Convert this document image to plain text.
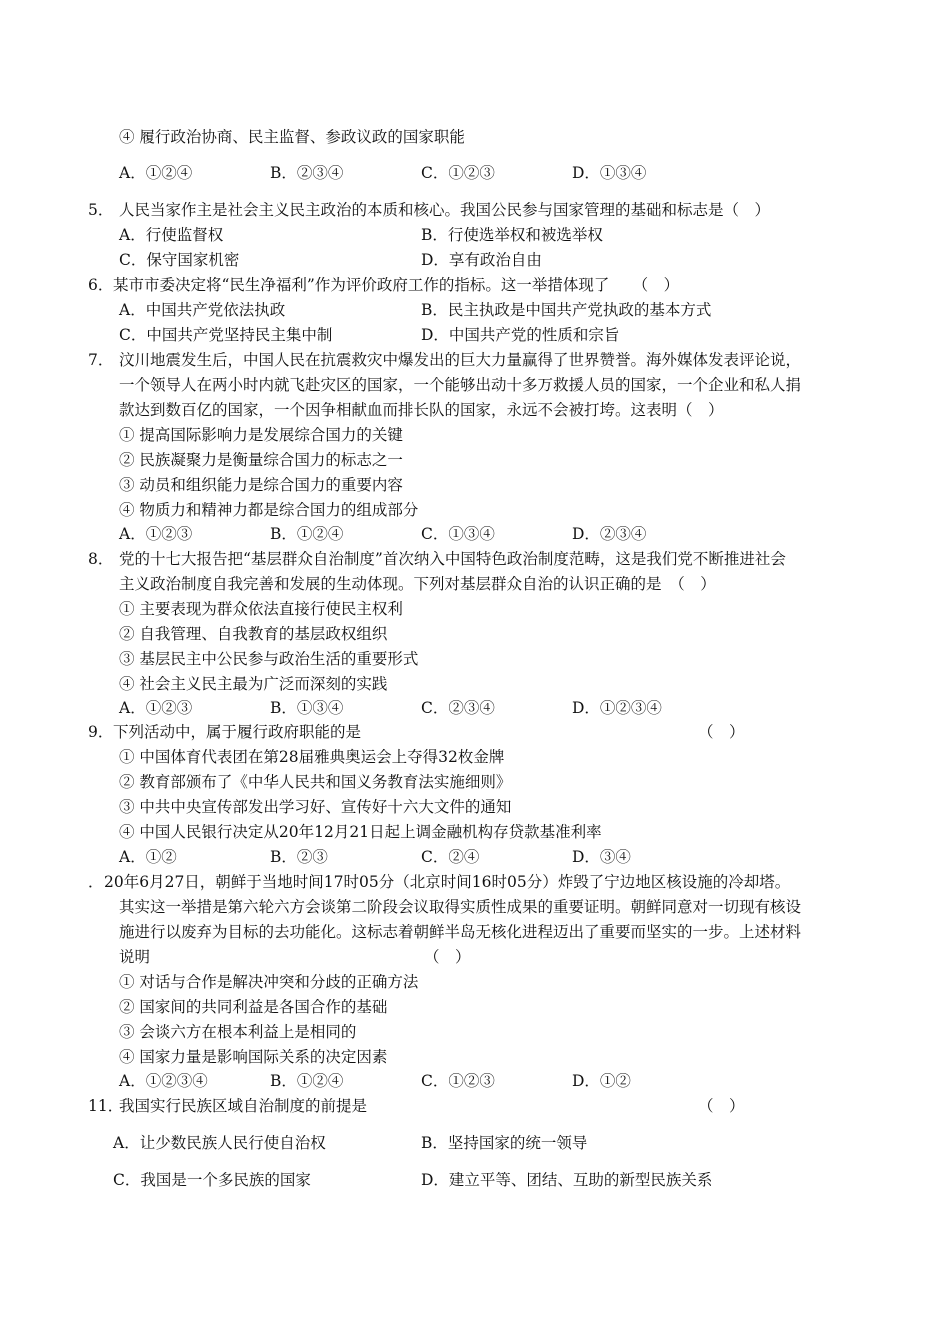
④ 履行政治协商、民主监督、参政议政的国家职能
A．①②④	B．②③④	C．①②③	D．①③④
5． 人民当家作主是社会主义民主政治的本质和核心。我国公民参与国家管理的基础和标志是（　）
A．行使监督权	B．行使选举权和被选举权
C．保守国家机密	D．享有政治自由
6． 某市市委决定将“民生净福利”作为评价政府工作的指标。这一举措体现了　　（　）
A．中国共产党依法执政	B．民主执政是中国共产党执政的基本方式
C．中国共产党坚持民主集中制	D．中国共产党的性质和宗旨
7． 汶川地震发生后，中国人民在抗震救灾中爆发出的巨大力量赢得了世界赞誉。海外媒体发表评论说，
一个领导人在两小时内就飞赴灾区的国家，一个能够出动十多万救援人员的国家，一个企业和私人捐
款达到数百亿的国家，一个因争相献血而排长队的国家，永远不会被打垮。这表明（　）
① 提高国际影响力是发展综合国力的关键
② 民族凝聚力是衡量综合国力的标志之一
③ 动员和组织能力是综合国力的重要内容
④ 物质力和精神力都是综合国力的组成部分
A．①②③	B．①②④	C．①③④	D．②③④
8． 党的十七大报告把“基层群众自治制度”首次纳入中国特色政治制度范畴，这是我们党不断推进社会
主义政治制度自我完善和发展的生动体现。下列对基层群众自治的认识正确的是　（　）
① 主要表现为群众依法直接行使民主权利
② 自我管理、自我教育的基层政权组织
③ 基层民主中公民参与政治生活的重要形式
④ 社会主义民主最为广泛而深刻的实践
A．①②③	B．①③④	C．②③④	D．①②③④
9． 下列活动中，属于履行政府职能的是	（　）
① 中国体育代表团在第28届雅典奥运会上夺得32枚金牌
② 教育部颁布了《中华人民共和国义务教育法实施细则》
③ 中共中央宣传部发出学习好、宣传好十六大文件的通知
④ 中国人民银行决定从20年12月21日起上调金融机构存贷款基准利率
A．①②	B．②③	C．②④	D．③④
． 20年6月27日，朝鲜于当地时间17时05分（北京时间16时05分）炸毁了宁边地区核设施的冷却塔。
其实这一举措是第六轮六方会谈第二阶段会议取得实质性成果的重要证明。朝鲜同意对一切现有核设
施进行以废弃为目标的去功能化。这标志着朝鲜半岛无核化进程迈出了重要而坚实的一步。上述材料
说明	（　）
① 对话与合作是解决冲突和分歧的正确方法
② 国家间的共同利益是各国合作的基础
③ 会谈六方在根本利益上是相同的
④ 国家力量是影响国际关系的决定因素
A．①②③④	B．①②④	C．①②③	D．①②
11．
我国实行民族区域自治制度的前提是	（　）
A．让少数民族人民行使自治权	B．坚持国家的统一领导
C．我国是一个多民族的国家	D．建立平等、团结、互助的新型民族关系
